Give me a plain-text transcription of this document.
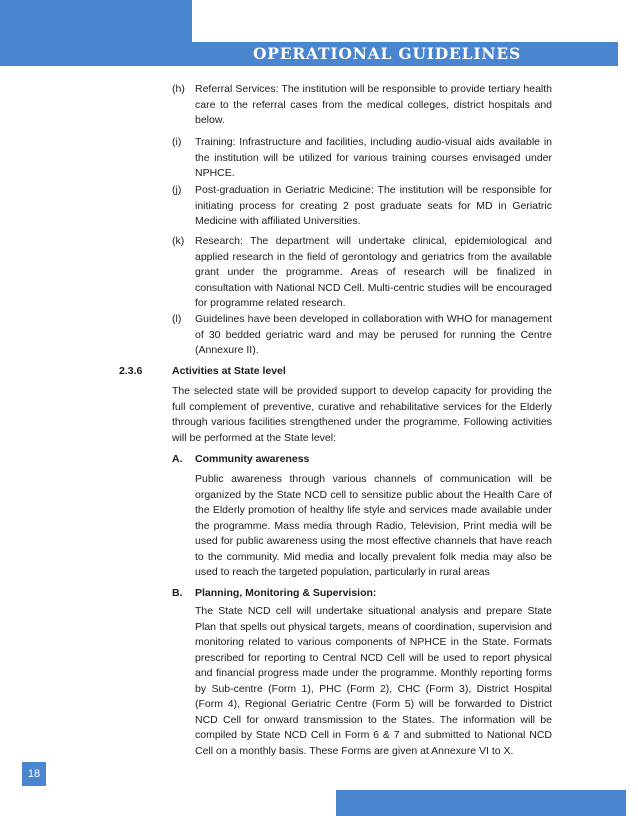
OPERATIONAL GUIDELINES
(h) Referral Services: The institution will be responsible to provide tertiary health care to the referral cases from the medical colleges, district hospitals and below.
(i) Training: Infrastructure and facilities, including audio-visual aids available in the institution will be utilized for various training courses envisaged under NPHCE.
(j) Post-graduation in Geriatric Medicine: The institution will be responsible for initiating process for creating 2 post graduate seats for MD in Geriatric Medicine with affiliated Universities.
(k) Research: The department will undertake clinical, epidemiological and applied research in the field of gerontology and geriatrics from the available grant under the programme. Areas of research will be finalized in consultation with National NCD Cell. Multi-centric studies will be encouraged for programme related research.
(l) Guidelines have been developed in collaboration with WHO for management of 30 bedded geriatric ward and may be perused for running the Centre (Annexure II).
2.3.6	Activities at State level
The selected state will be provided support to develop capacity for providing the full complement of preventive, curative and rehabilitative services for the Elderly through various facilities strengthened under the programme. Following activities will be performed at the State level:
A. Community awareness
Public awareness through various channels of communication will be organized by the State NCD cell to sensitize public about the Health Care of the Elderly promotion of healthy life style and services made available under the programme. Mass media through Radio, Television, Print media will be used for public awareness using the most effective channels that have reach to the community. Mid media and locally prevalent folk media may also be used to reach the targeted population, particularly in rural areas
B. Planning, Monitoring & Supervision:
The State NCD cell will undertake situational analysis and prepare State Plan that spells out physical targets, means of coordination, supervision and monitoring related to various components of NPHCE in the State. Formats prescribed for reporting to Central NCD Cell will be used to report physical and financial progress made under the programme. Monthly reporting forms by Sub-centre (Form 1), PHC (Form 2), CHC (Form 3), District Hospital (Form 4), Regional Geriatric Centre (Form 5) will be forwarded to District NCD Cell for onward transmission to the States. The information will be compiled by State NCD Cell in Form 6 & 7 and submitted to National NCD Cell on a monthly basis. These Forms are given at Annexure VI to X.
18
